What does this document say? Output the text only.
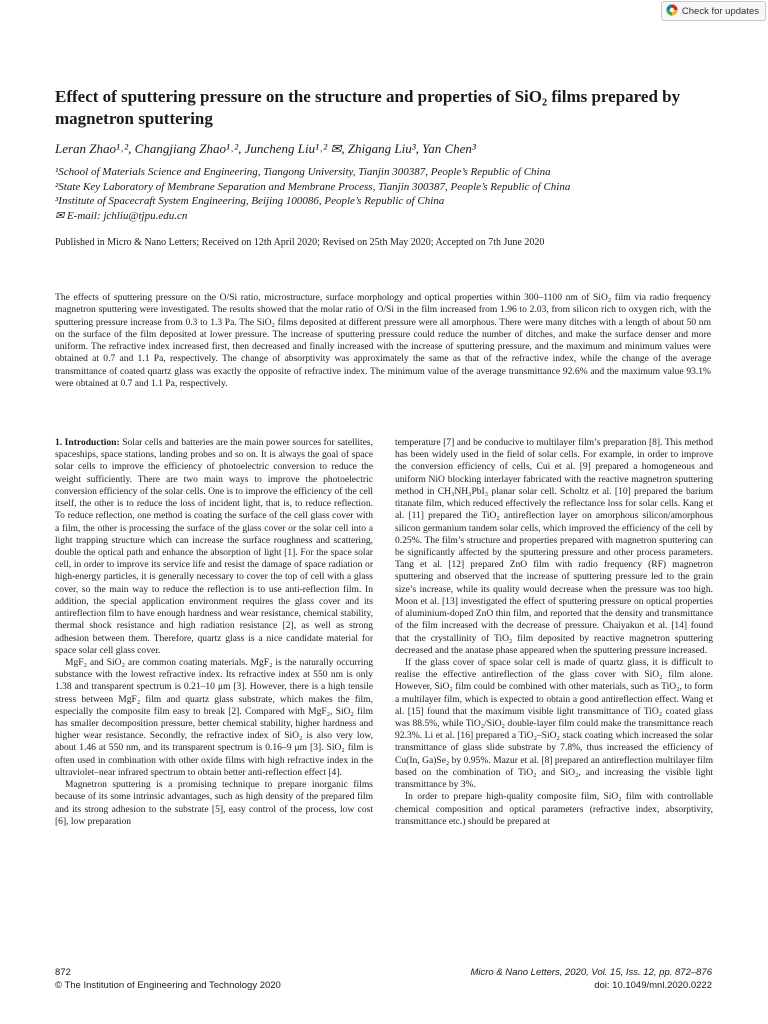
Check for updates
Effect of sputtering pressure on the structure and properties of SiO₂ films prepared by magnetron sputtering
Leran Zhao¹˒², Changjiang Zhao¹˒², Juncheng Liu¹˒² ✉, Zhigang Liu³, Yan Chen³
¹School of Materials Science and Engineering, Tiangong University, Tianjin 300387, People’s Republic of China
²State Key Laboratory of Membrane Separation and Membrane Process, Tianjin 300387, People’s Republic of China
³Institute of Spacecraft System Engineering, Beijing 100086, People’s Republic of China
✉ E-mail: jchliu@tjpu.edu.cn
Published in Micro & Nano Letters; Received on 12th April 2020; Revised on 25th May 2020; Accepted on 7th June 2020
The effects of sputtering pressure on the O/Si ratio, microstructure, surface morphology and optical properties within 300–1100 nm of SiO₂ film via radio frequency magnetron sputtering were investigated. The results showed that the molar ratio of O/Si in the film increased from 1.96 to 2.03, from silicon rich to oxygen rich, with the sputtering pressure increase from 0.3 to 1.3 Pa. The SiO₂ films deposited at different pressure were all amorphous. There were many ditches with a length of about 50 nm on the surface of the film deposited at lower pressure. The increase of sputtering pressure could reduce the number of ditches, and make the surface denser and more uniform. The refractive index increased first, then decreased and finally increased with the increase of sputtering pressure, and the maximum and minimum values were obtained at 0.7 and 1.1 Pa, respectively. The change of absorptivity was approximately the same as that of the refractive index, while the change of the average transmittance of coated quartz glass was exactly the opposite of refractive index. The minimum value of the average transmittance 92.6% and the maximum value 93.1% were obtained at 0.7 and 1.1 Pa, respectively.

1. Introduction: Solar cells and batteries are the main power sources for satellites, spaceships, space stations, landing probes and so on. It is always the goal of space solar cells to improve the efficiency of photoelectric conversion to reduce the weight sufficiently. There are two main ways to improve the photoelectric conversion efficiency of the solar cells. One is to improve the efficiency of the cell itself, the other is to reduce the loss of incident light, that is, to reduce reflection. To reduce reflection, one method is coating the surface of the cell glass cover with a film, the other is processing the surface of the glass cover or the solar cell into a light trapping structure which can increase the surface roughness and scattering, double the optical path and enhance the absorption of light [1]. For the space solar cell, in order to improve its service life and resist the damage of space radiation or high-energy particles, it is generally necessary to cover the top of cell with a glass cover, so the main way to reduce the reflection is to use anti-reflection film. In addition, the special application environment requires the glass cover and its antireflection film to have enough hardness and wear resistance, chemical stability, thermal shock resistance and high radiation resistance [2], as well as strong adhesion between them. Therefore, quartz glass is a nice candidate material for space solar cell glass cover.

MgF₂ and SiO₂ are common coating materials. MgF₂ is the naturally occurring substance with the lowest refractive index. Its refractive index at 550 nm is only 1.38 and transparent spectrum is 0.21–10 μm [3]. However, there is a high tensile stress between MgF₂ film and quartz glass substrate, which makes the film, especially the composite film easy to break [2]. Compared with MgF₂, SiO₂ film has smaller decomposition pressure, better chemical stability, higher hardness and higher wear resistance. Secondly, the refractive index of SiO₂ is also very low, about 1.46 at 550 nm, and its transparent spectrum is 0.16–9 μm [3]. SiO₂ film is often used in combination with other oxide films with high refractive index in the ultraviolet–near infrared spectrum to obtain better anti-reflection effect [4].

Magnetron sputtering is a promising technique to prepare inorganic films because of its some intrinsic advantages, such as high density of the prepared film and its strong adhesion to the substrate [5], easy control of the process, low cost [6], low preparation

temperature [7] and be conducive to multilayer film’s preparation [8]. This method has been widely used in the field of solar cells. For example, in order to improve the conversion efficiency of cells, Cui et al. [9] prepared a homogeneous and uniform NiO blocking interlayer fabricated with the reactive magnetron sputtering method in CH₃NH₃PbI₃ planar solar cell. Scholtz et al. [10] prepared the barium titanate film, which reduced effectively the reflectance loss for solar cells. Kang et al. [11] prepared the TiO₂ antireflection layer on amorphous silicon/amorphous silicon germanium tandem solar cells, which improved the efficiency of the cell by 0.25%. The film’s structure and properties prepared with magnetron sputtering can be significantly affected by the sputtering pressure and other process parameters. Tang et al. [12] prepared ZnO film with radio frequency (RF) magnetron sputtering and observed that the increase of sputtering pressure led to the grain size’s increase, while its quality would decrease when the pressure was too high. Moon et al. [13] investigated the effect of sputtering pressure on optical properties of aluminium-doped ZnO thin film, and reported that the density and transmittance of the film increased with the decrease of pressure. Chaiyakun et al. [14] found that the crystallinity of TiO₂ film deposited by reactive magnetron sputtering decreased and the anatase phase appeared when the sputtering pressure increased.

If the glass cover of space solar cell is made of quartz glass, it is difficult to realise the effective antireflection of the glass cover with SiO₂ film alone. However, SiO₂ film could be combined with other materials, such as TiO₂, to form a multilayer film, which is expected to obtain a good antireflection effect. Wang et al. [15] found that the maximum visible light transmittance of TiO₂ coated glass was 88.5%, while TiO₂/SiO₂ double-layer film could make the transmittance reach 92.3%. Li et al. [16] prepared a TiO₂–SiO₂ stack coating which increased the solar transmittance of glass slide substrate by 7.8%, thus increased the efficiency of Cu(In, Ga)Se₂ by 0.95%. Mazur et al. [8] prepared an antireflection multilayer film based on the combination of TiO₂ and SiO₂, and increasing the visible light transmittance by 3%.

In order to prepare high-quality composite film, SiO₂ film with controllable chemical composition and optical parameters (refractive index, absorptivity, transmittance etc.) should be prepared at

872
© The Institution of Engineering and Technology 2020
Micro & Nano Letters, 2020, Vol. 15, Iss. 12, pp. 872–876
doi: 10.1049/mnl.2020.0222
